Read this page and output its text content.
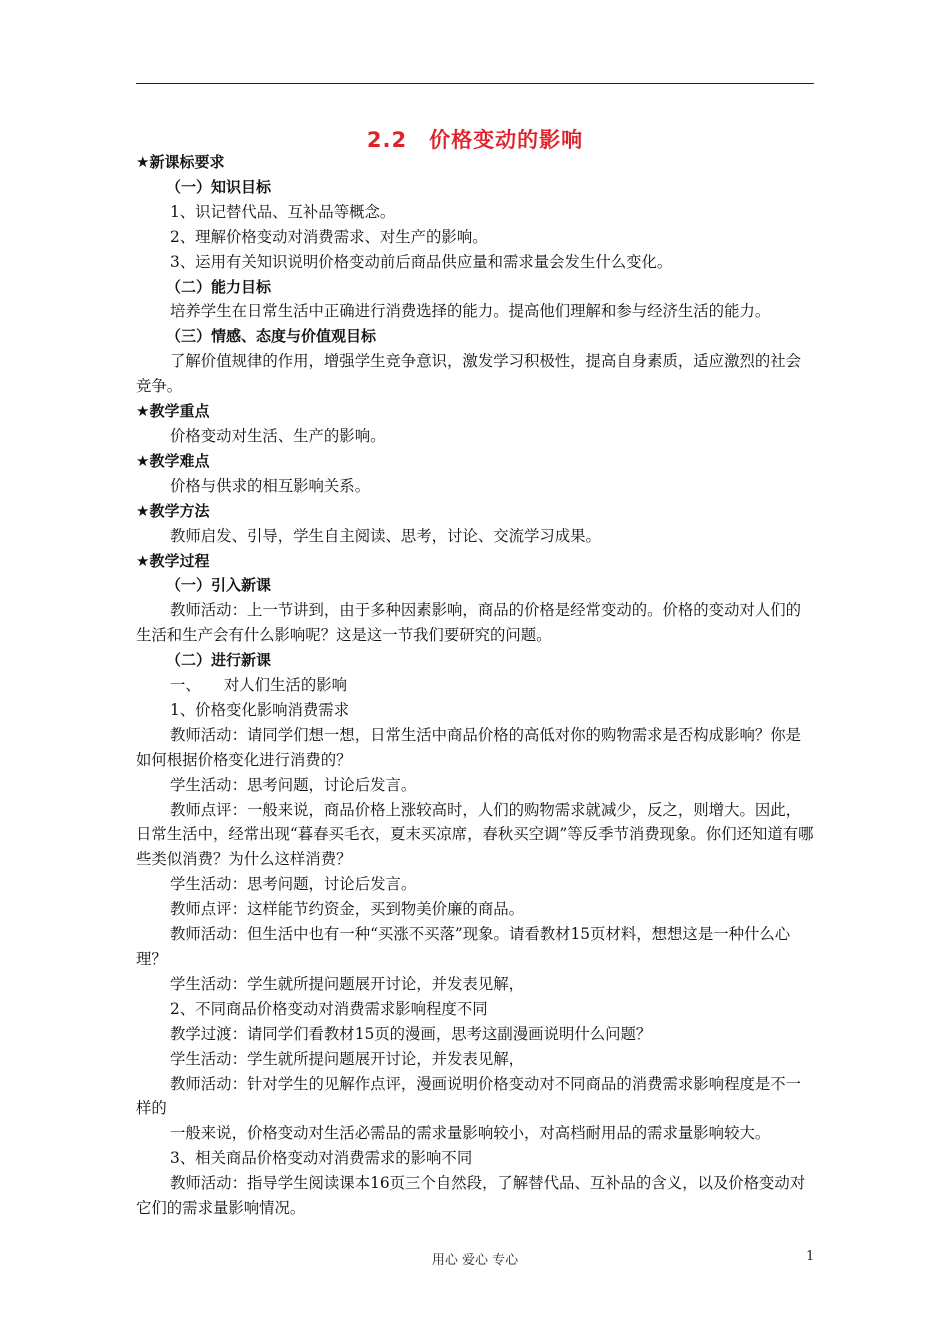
2.2　价格变动的影响

★新课标要求

（一）知识目标

1、识记替代品、互补品等概念。

2、理解价格变动对消费需求、对生产的影响。

3、运用有关知识说明价格变动前后商品供应量和需求量会发生什么变化。

（二）能力目标

培养学生在日常生活中正确进行消费选择的能力。提高他们理解和参与经济生活的能力。

（三）情感、态度与价值观目标

了解价值规律的作用，增强学生竞争意识，激发学习积极性，提高自身素质，适应激烈的社会竞争。

★教学重点

价格变动对生活、生产的影响。

★教学难点

价格与供求的相互影响关系。

★教学方法

教师启发、引导，学生自主阅读、思考，讨论、交流学习成果。

★教学过程

（一）引入新课

教师活动：上一节讲到，由于多种因素影响，商品的价格是经常变动的。价格的变动对人们的生活和生产会有什么影响呢？这是这一节我们要研究的问题。

（二）进行新课

一、　　对人们生活的影响

1、价格变化影响消费需求

教师活动：请同学们想一想，日常生活中商品价格的高低对你的购物需求是否构成影响？你是如何根据价格变化进行消费的？

学生活动：思考问题，讨论后发言。

教师点评：一般来说，商品价格上涨较高时，人们的购物需求就减少，反之，则增大。因此，日常生活中，经常出现“暮春买毛衣，夏末买凉席，春秋买空调”等反季节消费现象。你们还知道有哪些类似消费？为什么这样消费？

学生活动：思考问题，讨论后发言。

教师点评：这样能节约资金，买到物美价廉的商品。

教师活动：但生活中也有一种“买涨不买落”现象。请看教材15页材料，想想这是一种什么心理？

学生活动：学生就所提问题展开讨论，并发表见解，

2、不同商品价格变动对消费需求影响程度不同

教学过渡：请同学们看教材15页的漫画，思考这副漫画说明什么问题？

学生活动：学生就所提问题展开讨论，并发表见解，

教师活动：针对学生的见解作点评，漫画说明价格变动对不同商品的消费需求影响程度是不一样的

一般来说，价格变动对生活必需品的需求量影响较小，对高档耐用品的需求量影响较大。

3、相关商品价格变动对消费需求的影响不同

教师活动：指导学生阅读课本16页三个自然段，了解替代品、互补品的含义，以及价格变动对它们的需求量影响情况。

用心 爱心 专心	1
